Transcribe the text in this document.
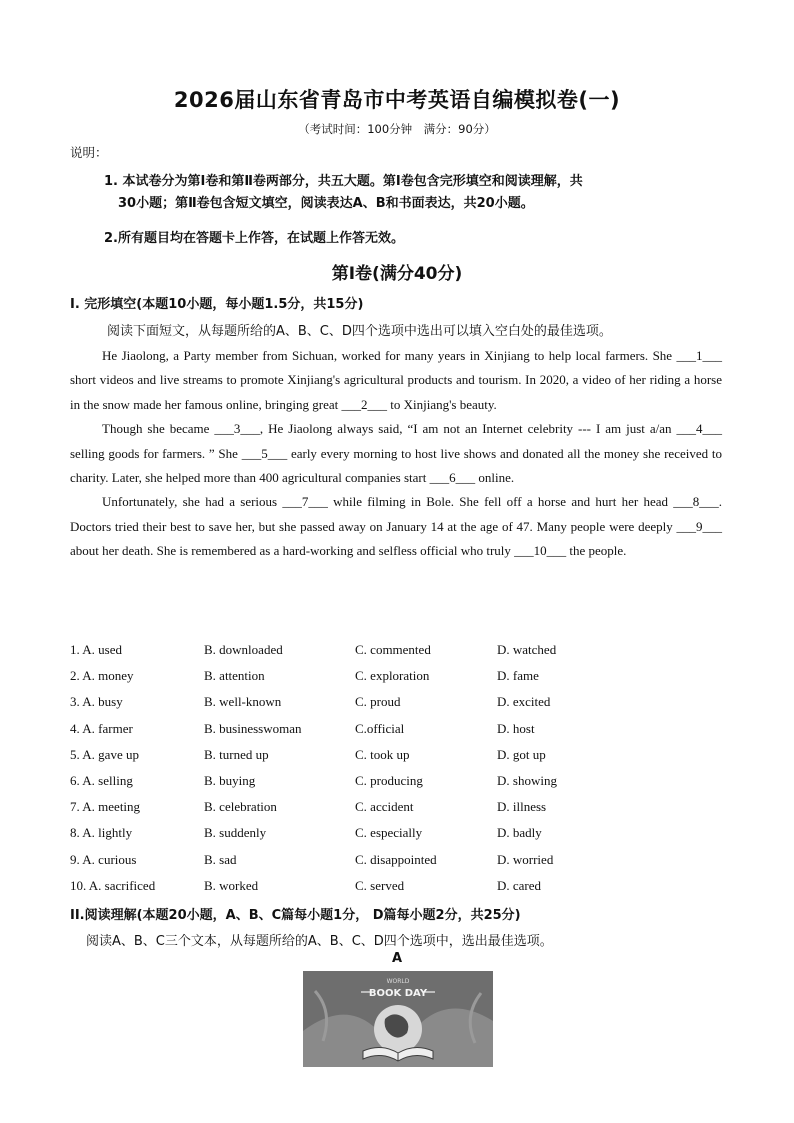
2026届山东省青岛市中考英语自编模拟卷(一)
（考试时间：100分钟　满分：90分）
说明：
1. 本试卷分为第Ⅰ卷和第Ⅱ卷两部分，共五大题。第Ⅰ卷包含完形填空和阅读理解，共
30小题；第Ⅱ卷包含短文填空，阅读表达A、B和书面表达，共20小题。
2.所有题目均在答题卡上作答，在试题上作答无效。
第Ⅰ卷(满分40分)
I. 完形填空(本题10小题，每小题1.5分，共15分)
阅读下面短文，从每题所给的A、B、C、D四个选项中选出可以填入空白处的最佳选项。

He Jiaolong, a Party member from Sichuan, worked for many years in Xinjiang to help local farmers. She ___1___ short videos and live streams to promote Xinjiang's agricultural products and tourism. In 2020, a video of her riding a horse in the snow made her famous online, bringing great ___2___ to Xinjiang's beauty.

Though she became ___3___, He Jiaolong always said, “I am not an Internet celebrity --- I am just a/an ___4___ selling goods for farmers. ” She ___5___ early every morning to host live shows and donated all the money she received to charity. Later, she helped more than 400 agricultural companies start ___6___ online.

Unfortunately, she had a serious ___7___ while filming in Bole. She fell off a horse and hurt her head ___8___. Doctors tried their best to save her, but she passed away on January 14 at the age of 47. Many people were deeply ___9___ about her death. She is remembered as a hard-working and selfless official who truly ___10___ the people.

1. A. used	B. downloaded	C. commented	D. watched
2. A. money	B. attention	C. exploration	D. fame
3. A. busy	B. well-known	C. proud	D. excited
4. A. farmer	B. businesswoman	C.official	D. host
5. A. gave up	B. turned up	C. took up	D. got up
6. A. selling	B. buying	C. producing	D. showing
7. A. meeting	B. celebration	C. accident	D. illness
8. A. lightly	B. suddenly	C. especially	D. badly
9. A. curious	B. sad	C. disappointed	D. worried
10. A. sacrificed	B. worked	C. served	D. cared
II.阅读理解(本题20小题，A、B、C篇每小题1分， D篇每小题2分，共25分)
阅读A、B、C三个文本，从每题所给的A、B、C、D四个选项中，选出最佳选项。
A
WORLD
BOOK DAY
